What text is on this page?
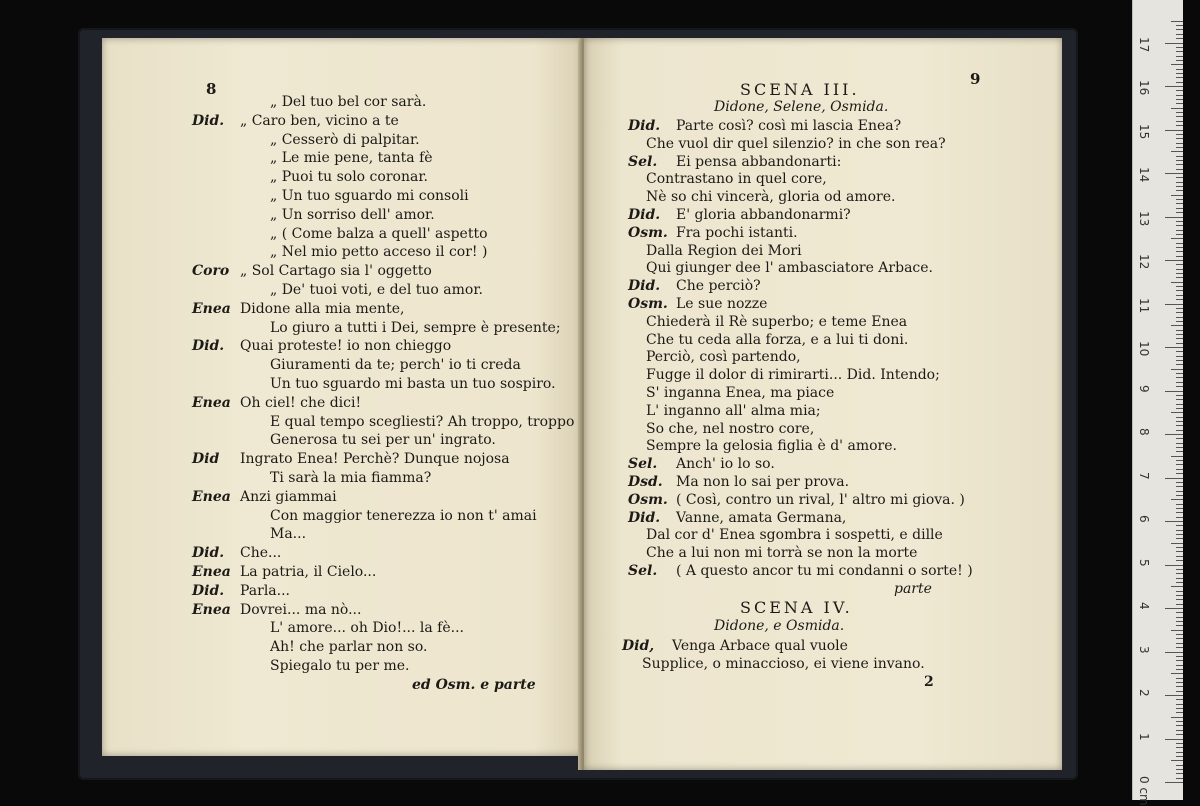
8
„ Del tuo bel cor sarà.
Did. „ Caro ben, vicino a te
„ Cesserò di palpitar.
„ Le mie pene, tanta fè
„ Puoi tu solo coronar.
„ Un tuo sguardo mi consoli
„ Un sorriso dell' amor.
„ ( Come balza a quell' aspetto
„ Nel mio petto acceso il cor! )
Coro „ Sol Cartago sia l' oggetto
„ De' tuoi voti, e del tuo amor.
Enea Didone alla mia mente,
Lo giuro a tutti i Dei, sempre è presente;
Did. Quai proteste! io non chieggo
Giuramenti da te; perch' io ti creda
Un tuo sguardo mi basta un tuo sospiro.
Enea Oh ciel! che dici!
E qual tempo scegliesti? Ah troppo, troppo
Generosa tu sei per un' ingrato.
Did Ingrato Enea! Perchè? Dunque nojosa
Ti sarà la mia fiamma?
Enea Anzi giammai
Con maggior tenerezza io non t' amai
Ma...
Did. Che...
Enea La patria, il Cielo...
Did. Parla...
Enea Dovrei... ma nò...
L' amore... oh Dio!... la fè...
Ah! che parlar non so.
Spiegalo tu per me.
ed Osm. e parte
9
SCENA III.
Didone, Selene, Osmida.
Did. Parte così? così mi lascia Enea?
Che vuol dir quel silenzio? in che son rea?
Sel. Ei pensa abbandonarti:
Contrastano in quel core,
Nè so chi vincerà, gloria od amore.
Did. E' gloria abbandonarmi?
Osm. Fra pochi istanti.
Dalla Region dei Mori
Qui giunger dee l' ambasciatore Arbace.
Did. Che perciò?
Osm. Le sue nozze
Chiederà il Rè superbo; e teme Enea
Che tu ceda alla forza, e a lui ti doni.
Perciò, così partendo,
Fugge il dolor di rimirarti... Did. Intendo;
S' inganna Enea, ma piace
L' inganno all' alma mia;
So che, nel nostro core,
Sempre la gelosia figlia è d' amore.
Sel. Anch' io lo so.
Dsd. Ma non lo sai per prova.
Osm. ( Così, contro un rival, l' altro mi giova. )
Did. Vanne, amata Germana,
Dal cor d' Enea sgombra i sospetti, e dille
Che a lui non mi torrà se non la morte
Sel. ( A questo ancor tu mi condanni o sorte! )
parte
SCENA IV.
Didone, e Osmida.
Did, Venga Arbace qual vuole
Supplice, o minaccioso, ei viene invano.
2
0 cm
1
2
3
4
5
6
7
8
9
10
11
12
13
14
15
16
17
